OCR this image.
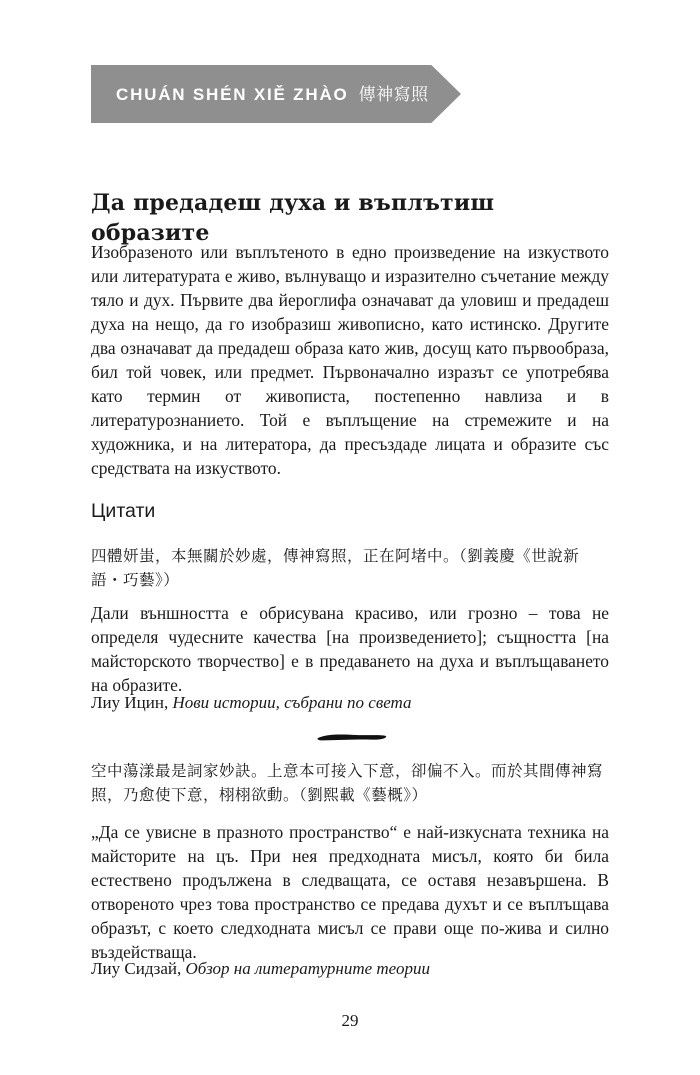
CHUÁN SHÉN XIĚ ZHÀO 傳神寫照
Да предадеш духа и въплътиш образите

Изобразеното или въплътеното в едно произведение на изкуството или литературата е живо, вълнуващо и изразително съчетание между тяло и дух. Първите два йероглифа означават да уловиш и предадеш духа на нещо, да го изобразиш живописно, като истинско. Другите два означават да предадеш образа като жив, досущ като първообраза, бил той човек, или предмет. Първоначално изразът се употребява като термин от живописта, постепенно навлиза и в литературознанието. Той е въплъщение на стремежите и на художника, и на литератора, да пресъздаде лицата и образите със средствата на изкуството.

Цитати

四體妍蚩，本無關於妙處，傳神寫照，正在阿堵中。（劉義慶《世說新語・巧藝》）

Дали външността е обрисувана красиво, или грозно – това не определя чудесните качества [на произведението]; същността [на майсторското творчество] е в предаването на духа и въплъщаването на образите.

Лиу Ицин, Нови истории, събрани по света

空中蕩漾最是詞家妙訣。上意本可接入下意，卻偏不入。而於其間傳神寫照，乃愈使下意，栩栩欲動。（劉熙載《藝概》）

„Да се увисне в празното пространство“ е най-изкусната техника на майсторите на цъ. При нея предходната мисъл, която би била естествено продължена в следващата, се оставя незавършена. В отвореното чрез това пространство се предава духът и се въплъщава образът, с което следходната мисъл се прави още по-жива и силно въздействаща.

Лиу Сидзай, Обзор на литературните теории

29
